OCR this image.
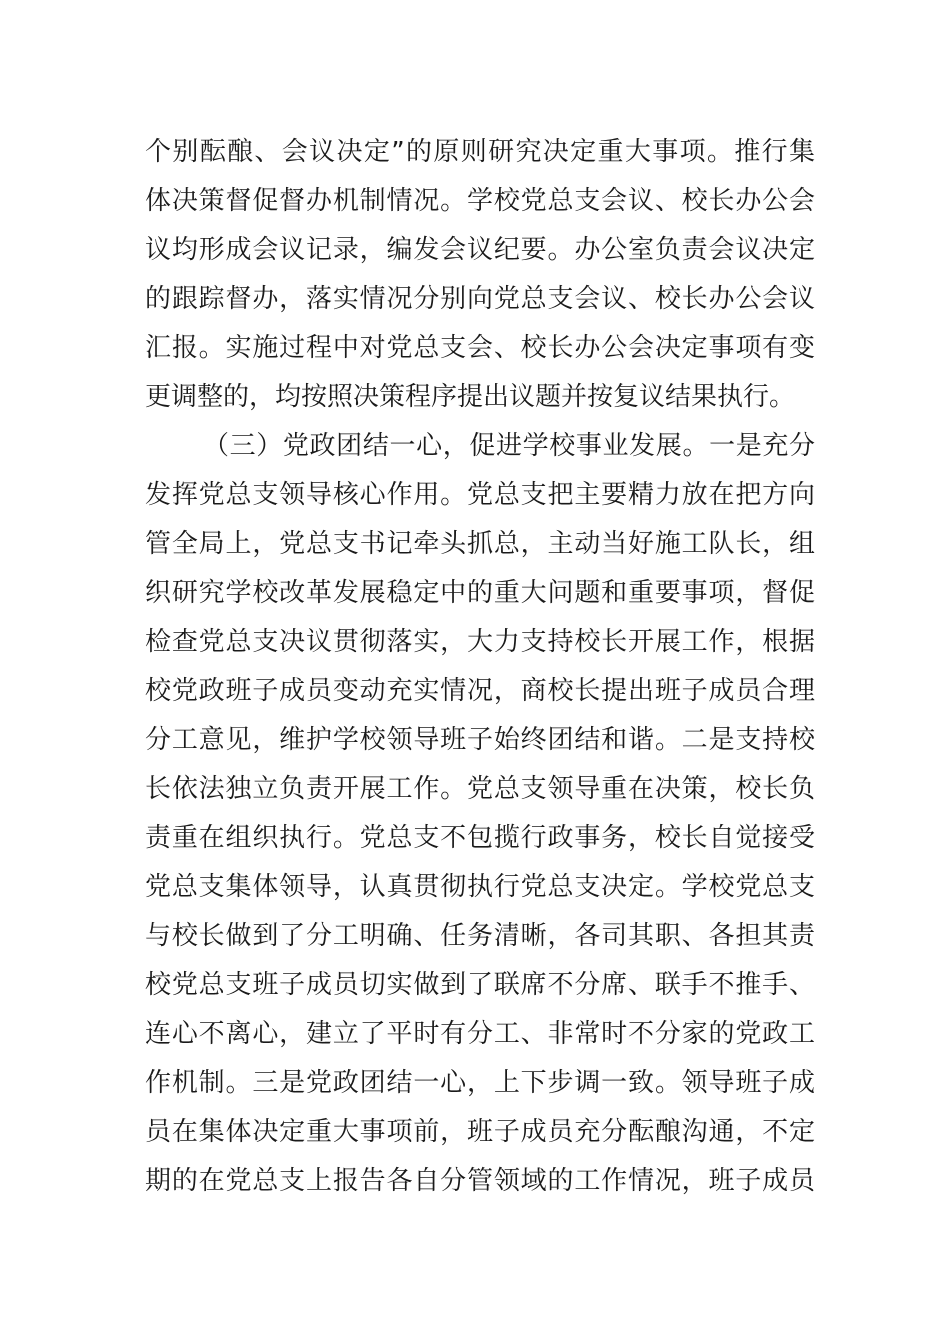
个别酝酿、会议决定”的原则研究决定重大事项。推行集
体决策督促督办机制情况。学校党总支会议、校长办公会
议均形成会议记录，编发会议纪要。办公室负责会议决定
的跟踪督办，落实情况分别向党总支会议、校长办公会议
汇报。实施过程中对党总支会、校长办公会决定事项有变
更调整的，均按照决策程序提出议题并按复议结果执行。
（三）党政团结一心，促进学校事业发展。一是充分
发挥党总支领导核心作用。党总支把主要精力放在把方向
管全局上，党总支书记牵头抓总，主动当好施工队长，组
织研究学校改革发展稳定中的重大问题和重要事项，督促
检查党总支决议贯彻落实，大力支持校长开展工作，根据
校党政班子成员变动充实情况，商校长提出班子成员合理
分工意见，维护学校领导班子始终团结和谐。二是支持校
长依法独立负责开展工作。党总支领导重在决策，校长负
责重在组织执行。党总支不包揽行政事务，校长自觉接受
党总支集体领导，认真贯彻执行党总支决定。学校党总支
与校长做到了分工明确、任务清晰，各司其职、各担其责
校党总支班子成员切实做到了联席不分席、联手不推手、
连心不离心，建立了平时有分工、非常时不分家的党政工
作机制。三是党政团结一心，上下步调一致。领导班子成
员在集体决定重大事项前，班子成员充分酝酿沟通，不定
期的在党总支上报告各自分管领域的工作情况，班子成员
